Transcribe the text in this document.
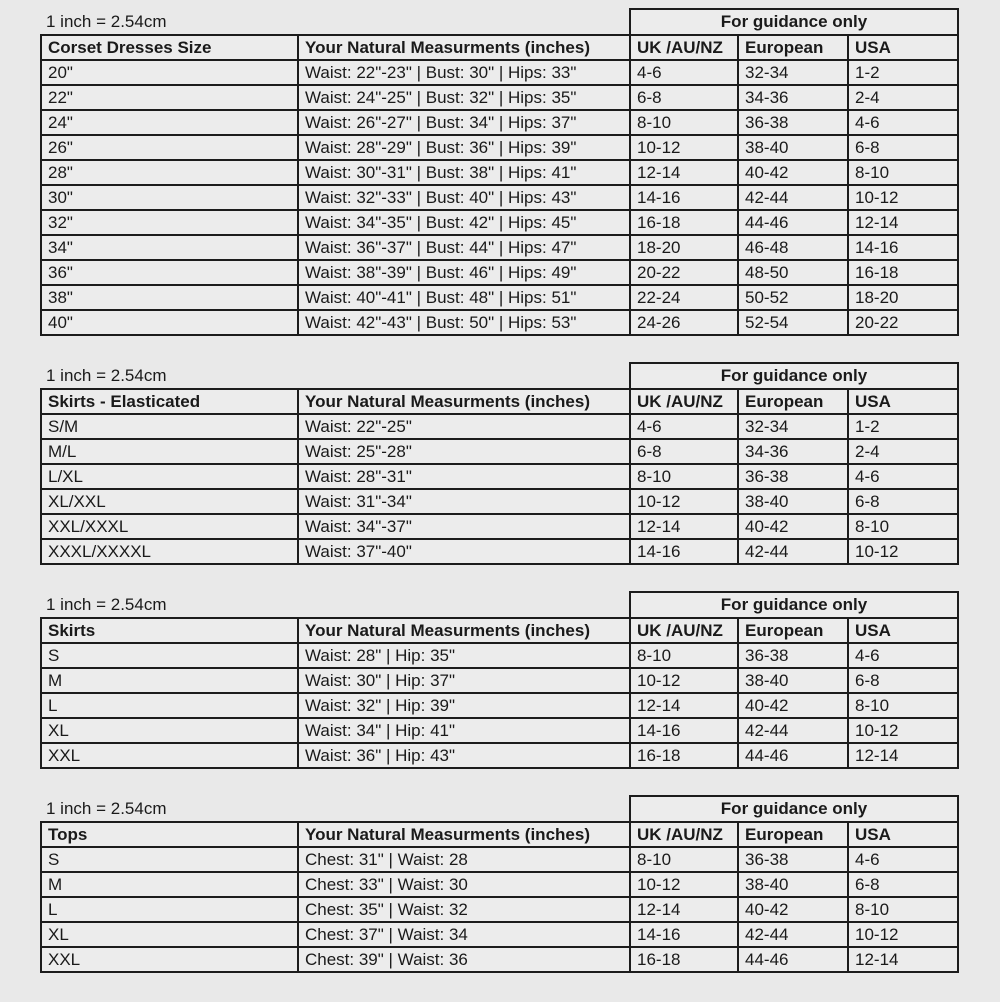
1 inch = 2.54cm		For guidance only		
Corset Dresses Size	Your Natural Measurments (inches)	UK /AU/NZ	European	USA
20"	Waist: 22"-23" | Bust: 30" | Hips: 33"	4-6	32-34	1-2
22"	Waist: 24"-25" | Bust: 32" | Hips: 35"	6-8	34-36	2-4
24"	Waist: 26"-27" | Bust: 34" | Hips: 37"	8-10	36-38	4-6
26"	Waist: 28"-29" | Bust: 36" | Hips: 39"	10-12	38-40	6-8
28"	Waist: 30"-31" | Bust: 38" | Hips: 41"	12-14	40-42	8-10
30"	Waist: 32"-33" | Bust: 40" | Hips: 43"	14-16	42-44	10-12
32"	Waist: 34"-35" | Bust: 42" | Hips: 45"	16-18	44-46	12-14
34"	Waist: 36"-37" | Bust: 44" | Hips: 47"	18-20	46-48	14-16
36"	Waist: 38"-39" | Bust: 46" | Hips: 49"	20-22	48-50	16-18
38"	Waist: 40"-41" | Bust: 48" | Hips: 51"	22-24	50-52	18-20
40"	Waist: 42"-43" | Bust: 50" | Hips: 53"	24-26	52-54	20-22
1 inch = 2.54cm		For guidance only		
Skirts - Elasticated	Your Natural Measurments (inches)	UK /AU/NZ	European	USA
S/M	Waist: 22"-25"	4-6	32-34	1-2
M/L	Waist: 25"-28"	6-8	34-36	2-4
L/XL	Waist: 28"-31"	8-10	36-38	4-6
XL/XXL	Waist: 31"-34"	10-12	38-40	6-8
XXL/XXXL	Waist: 34"-37"	12-14	40-42	8-10
XXXL/XXXXL	Waist: 37"-40"	14-16	42-44	10-12
1 inch = 2.54cm		For guidance only		
Skirts	Your Natural Measurments (inches)	UK /AU/NZ	European	USA
S	Waist: 28" | Hip: 35"	8-10	36-38	4-6
M	Waist: 30" | Hip: 37"	10-12	38-40	6-8
L	Waist: 32" | Hip: 39"	12-14	40-42	8-10
XL	Waist: 34" | Hip: 41"	14-16	42-44	10-12
XXL	Waist: 36" | Hip: 43"	16-18	44-46	12-14
1 inch = 2.54cm		For guidance only		
Tops	Your Natural Measurments (inches)	UK /AU/NZ	European	USA
S	Chest: 31" | Waist: 28	8-10	36-38	4-6
M	Chest: 33" | Waist: 30	10-12	38-40	6-8
L	Chest: 35" | Waist: 32	12-14	40-42	8-10
XL	Chest: 37" | Waist: 34	14-16	42-44	10-12
XXL	Chest: 39" | Waist: 36	16-18	44-46	12-14
